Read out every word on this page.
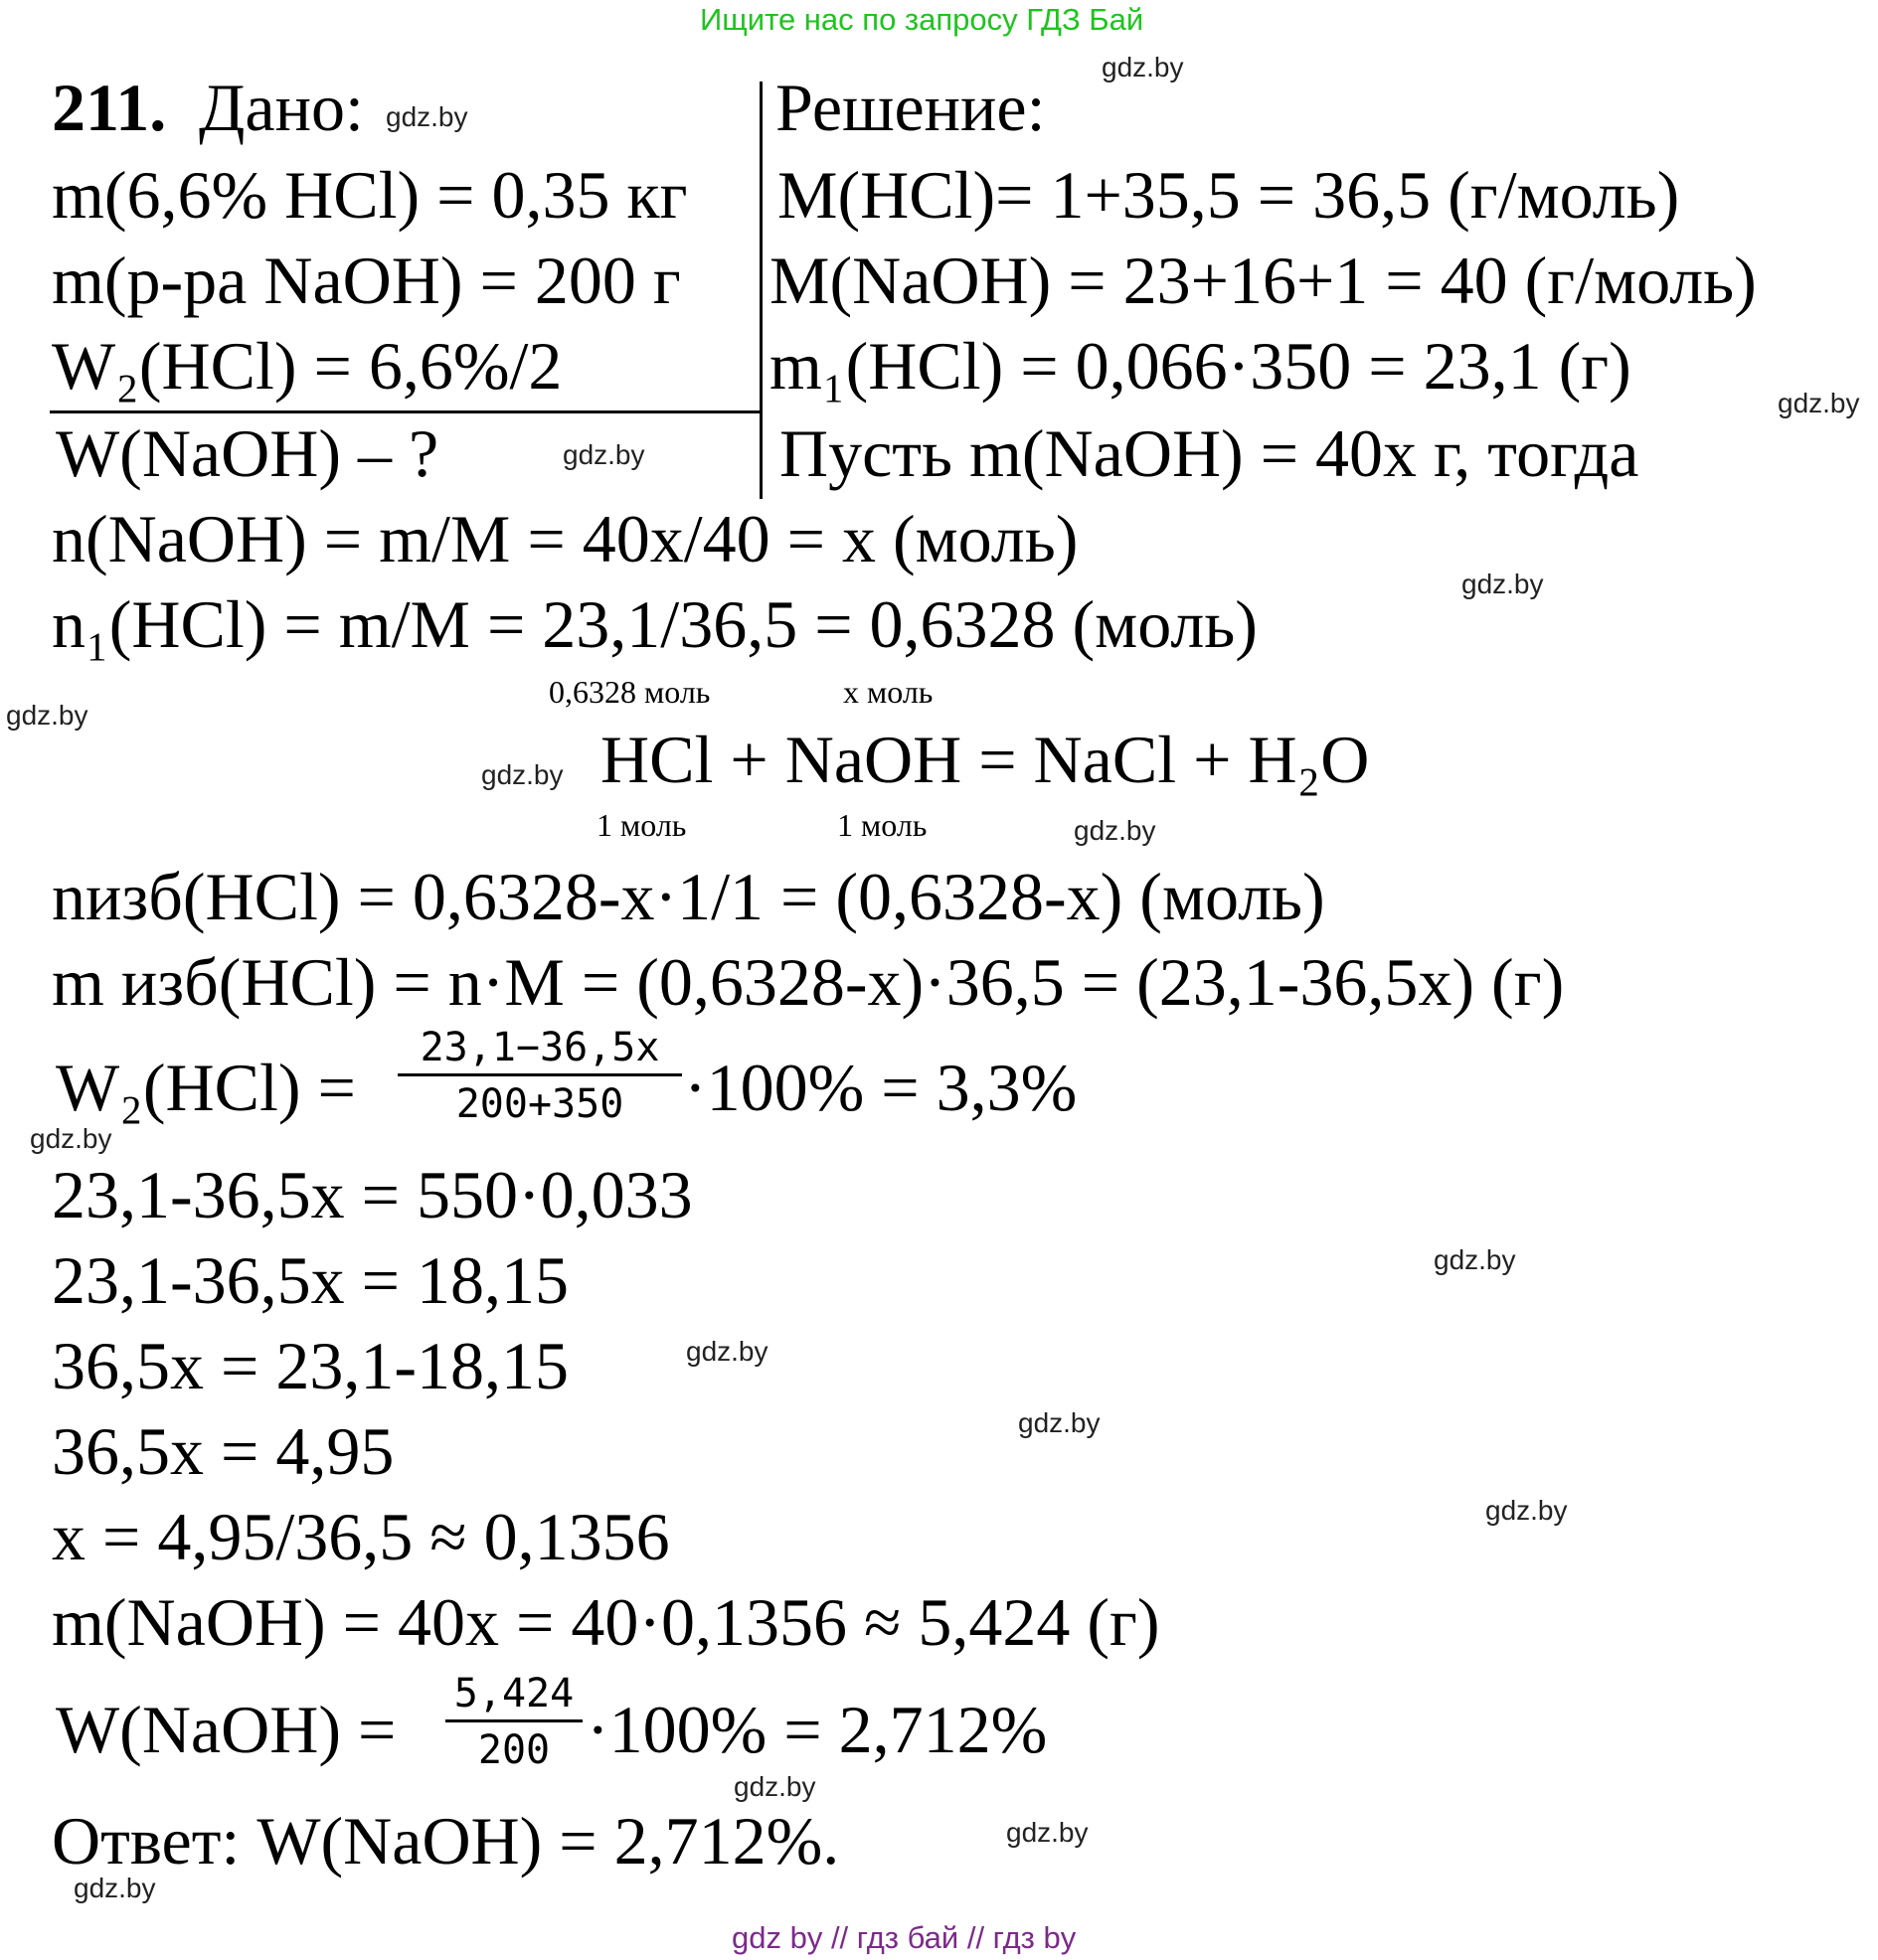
Ищите нас по запросу ГДЗ Бай
211. Дано:
m(6,6% HCl) = 0,35 кг
m(р-ра NaOH) = 200 г
W₂(HCl) = 6,6%/2
W(NaOH) – ?
Решение:
M(HCl)= 1+35,5 = 36,5 (г/моль)
M(NaOH) = 23+16+1 = 40 (г/моль)
m₁(HCl) = 0,066·350 = 23,1 (г)
Пусть m(NaOH) = 40x г, тогда
n(NaOH) = m/M = 40x/40 = x (моль)
n₁(HCl) = m/M = 23,1/36,5 = 0,6328 (моль)
0,6328 моль	x моль
HCl + NaOH = NaCl + H₂O
1 моль	1 моль
nизб(HCl) = 0,6328-x·1/1 = (0,6328-x) (моль)
m изб(HCl) = n·M = (0,6328-x)·36,5 = (23,1-36,5x) (г)
W₂(HCl) =
23,1−36,5x
200+350 ·100% = 3,3%
23,1-36,5x = 550·0,033
23,1-36,5x = 18,15
36,5x = 23,1-18,15
36,5x = 4,95
x = 4,95/36,5 ≈ 0,1356
m(NaOH) = 40x = 40·0,1356 ≈ 5,424 (г)
W(NaOH) = 5,424
200 ·100% = 2,712%
Ответ: W(NaOH) = 2,712%.
gdz.by
gdz.by
gdz.by
gdz.by
gdz.by
gdz.by
gdz.by
gdz.by
gdz.by
gdz.by
gdz.by
gdz.by
gdz.by
gdz.by
gdz.by
gdz.by
gdz by // гдз бай // гдз by
